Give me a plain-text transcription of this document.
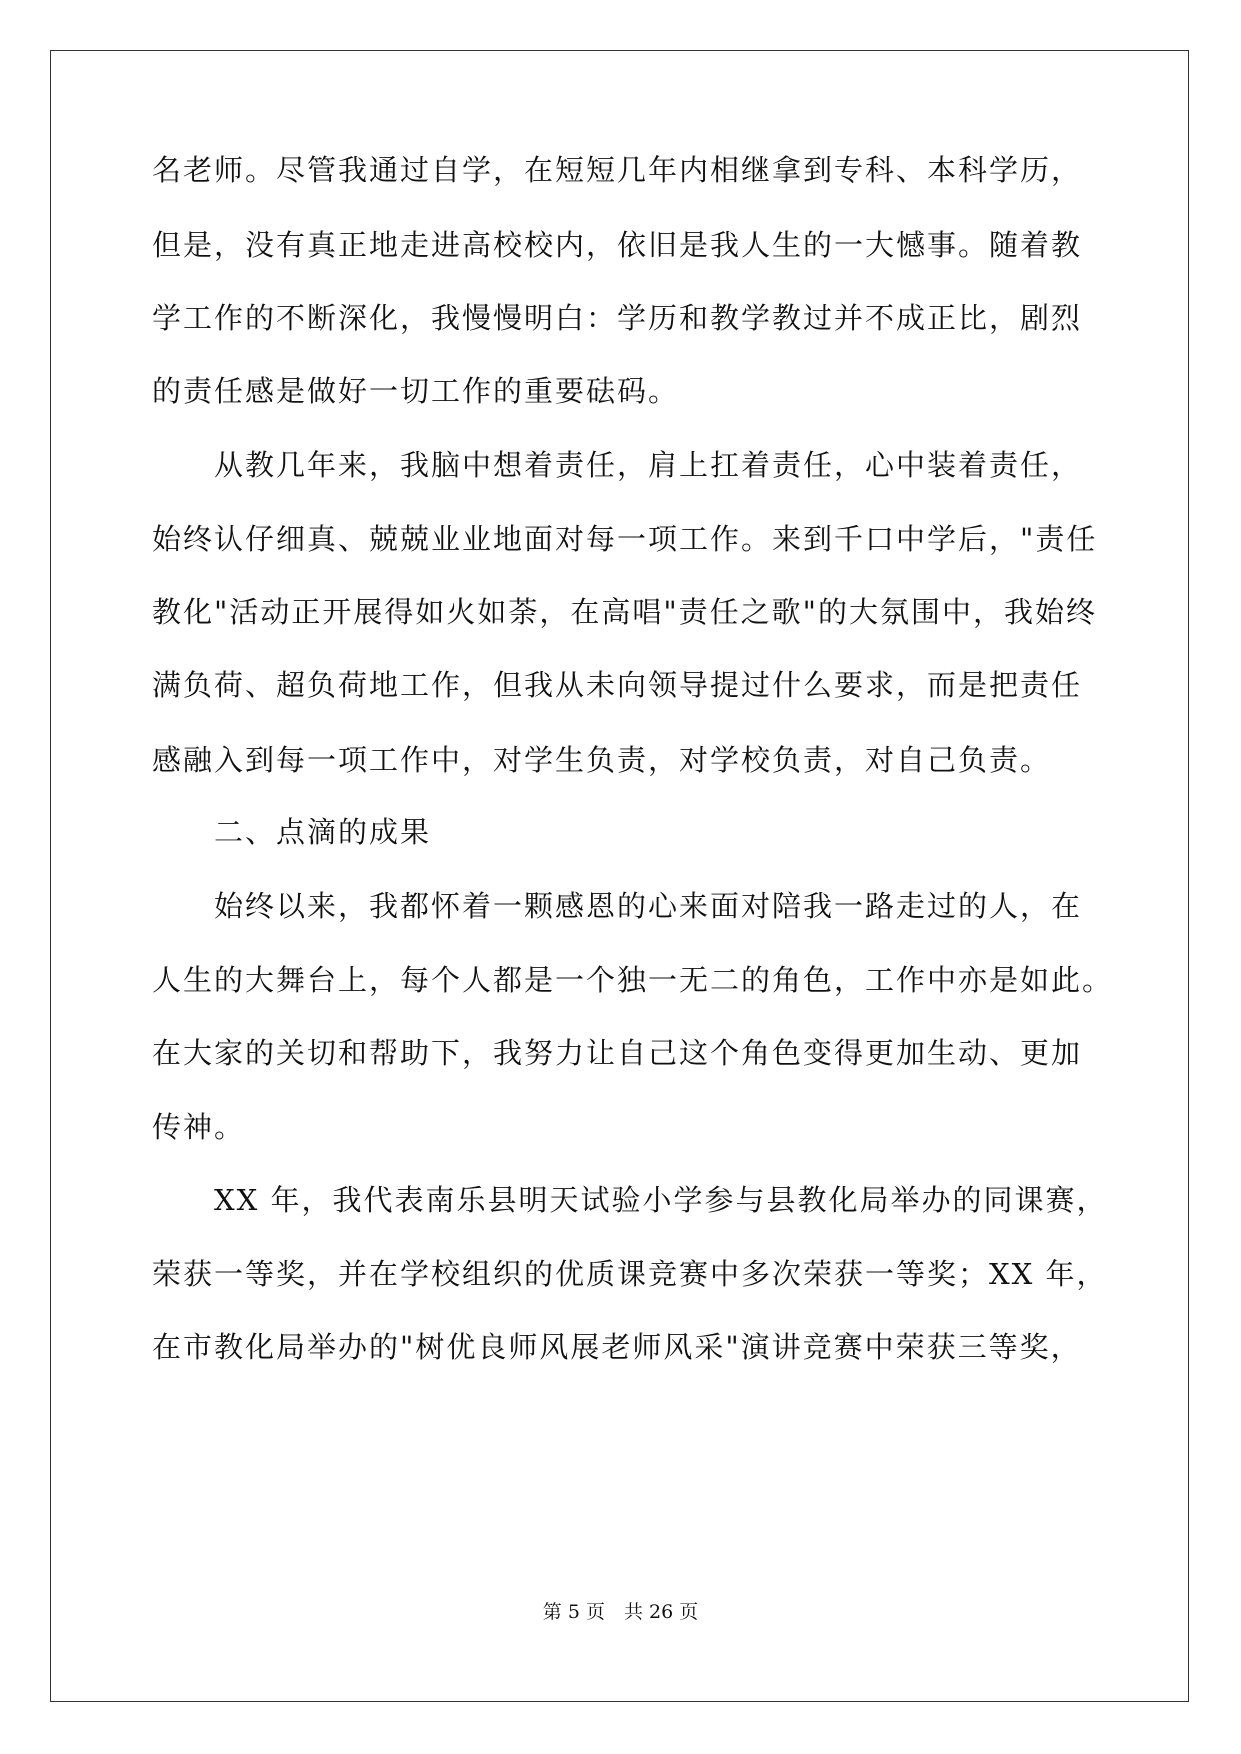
名老师。尽管我通过自学，在短短几年内相继拿到专科、本科学历，
但是，没有真正地走进高校校内，依旧是我人生的一大憾事。随着教
学工作的不断深化，我慢慢明白：学历和教学教过并不成正比，剧烈
的责任感是做好一切工作的重要砝码。
从教几年来，我脑中想着责任，肩上扛着责任，心中装着责任，
始终认仔细真、兢兢业业地面对每一项工作。来到千口中学后，"责任
教化"活动正开展得如火如荼，在高唱"责任之歌"的大氛围中，我始终
满负荷、超负荷地工作，但我从未向领导提过什么要求，而是把责任
感融入到每一项工作中，对学生负责，对学校负责，对自己负责。
二、点滴的成果
始终以来，我都怀着一颗感恩的心来面对陪我一路走过的人，在
人生的大舞台上，每个人都是一个独一无二的角色，工作中亦是如此。
在大家的关切和帮助下，我努力让自己这个角色变得更加生动、更加
传神。
XX 年，我代表南乐县明天试验小学参与县教化局举办的同课赛，
荣获一等奖，并在学校组织的优质课竞赛中多次荣获一等奖；XX 年，
在市教化局举办的"树优良师风展老师风采"演讲竞赛中荣获三等奖，
第 5 页　共 26 页
